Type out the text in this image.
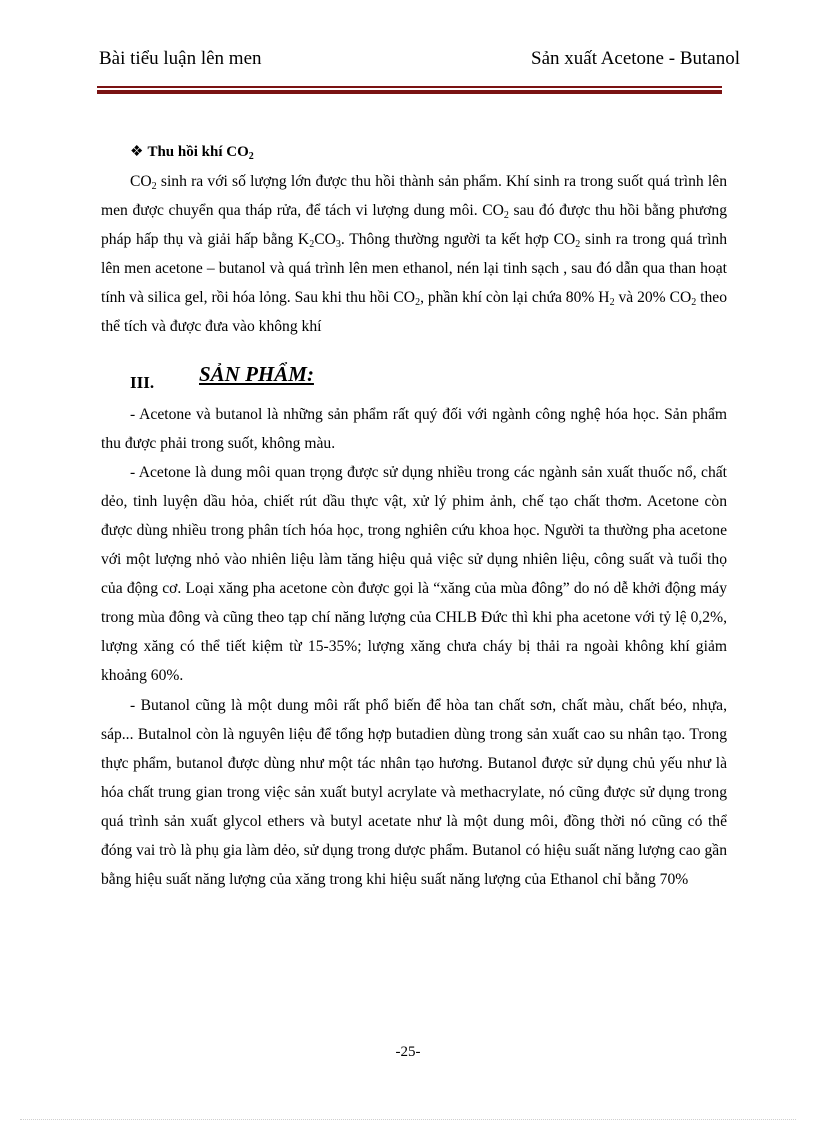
Bài tiểu luận lên men	Sản xuất Acetone - Butanol
❖ Thu hồi khí $CO_2$

$CO_2$ sinh ra với số lượng lớn được thu hồi thành sản phẩm. Khí sinh ra trong suốt quá trình lên men được chuyển qua tháp rửa, để tách vi lượng dung môi. $CO_2$ sau đó được thu hồi bằng phương pháp hấp thụ và giải hấp bằng $K_2CO_3$. Thông thường người ta kết hợp $CO_2$ sinh ra trong quá trình lên men acetone – butanol và quá trình lên men ethanol, nén lại tinh sạch , sau đó dẫn qua than hoạt tính và silica gel, rồi hóa lỏng. Sau khi thu hồi $CO_2$, phần khí còn lại chứa 80% $H_2$ và 20% $CO_2$ theo thể tích và được đưa vào không khí

III. SẢN PHẨM:

- Acetone và butanol là những sản phẩm rất quý đối với ngành công nghệ hóa học. Sản phẩm thu được phải trong suốt, không màu.

- Acetone là dung môi quan trọng được sử dụng nhiều trong các ngành sản xuất thuốc nổ, chất dẻo, tinh luyện dầu hỏa, chiết rút dầu thực vật, xử lý phim ảnh, chế tạo chất thơm. Acetone còn được dùng nhiều trong phân tích hóa học, trong nghiên cứu khoa học. Người ta thường pha acetone với một lượng nhỏ vào nhiên liệu làm tăng hiệu quả việc sử dụng nhiên liệu, công suất và tuổi thọ của động cơ. Loại xăng pha acetone còn được gọi là “xăng của mùa đông” do nó dễ khởi động máy trong mùa đông và cũng theo tạp chí năng lượng của CHLB Đức thì khi pha acetone với tỷ lệ 0,2%, lượng xăng có thể tiết kiệm từ 15-35%; lượng xăng chưa cháy bị thải ra ngoài không khí giảm khoảng 60%.

- Butanol cũng là một dung môi rất phổ biến để hòa tan chất sơn, chất màu, chất béo, nhựa, sáp... Butalnol còn là nguyên liệu để tổng hợp butadien dùng trong sản xuất cao su nhân tạo. Trong thực phẩm, butanol được dùng như một tác nhân tạo hương. Butanol được sử dụng chủ yếu như là hóa chất trung gian trong việc sản xuất butyl acrylate và methacrylate, nó cũng được sử dụng trong quá trình sản xuất glycol ethers và butyl acetate như là một dung môi, đồng thời nó cũng có thể đóng vai trò là phụ gia làm dẻo, sử dụng trong dược phẩm. Butanol có hiệu suất năng lượng cao gần bằng hiệu suất năng lượng của xăng trong khi hiệu suất năng lượng của Ethanol chỉ bằng 70%

-25-
